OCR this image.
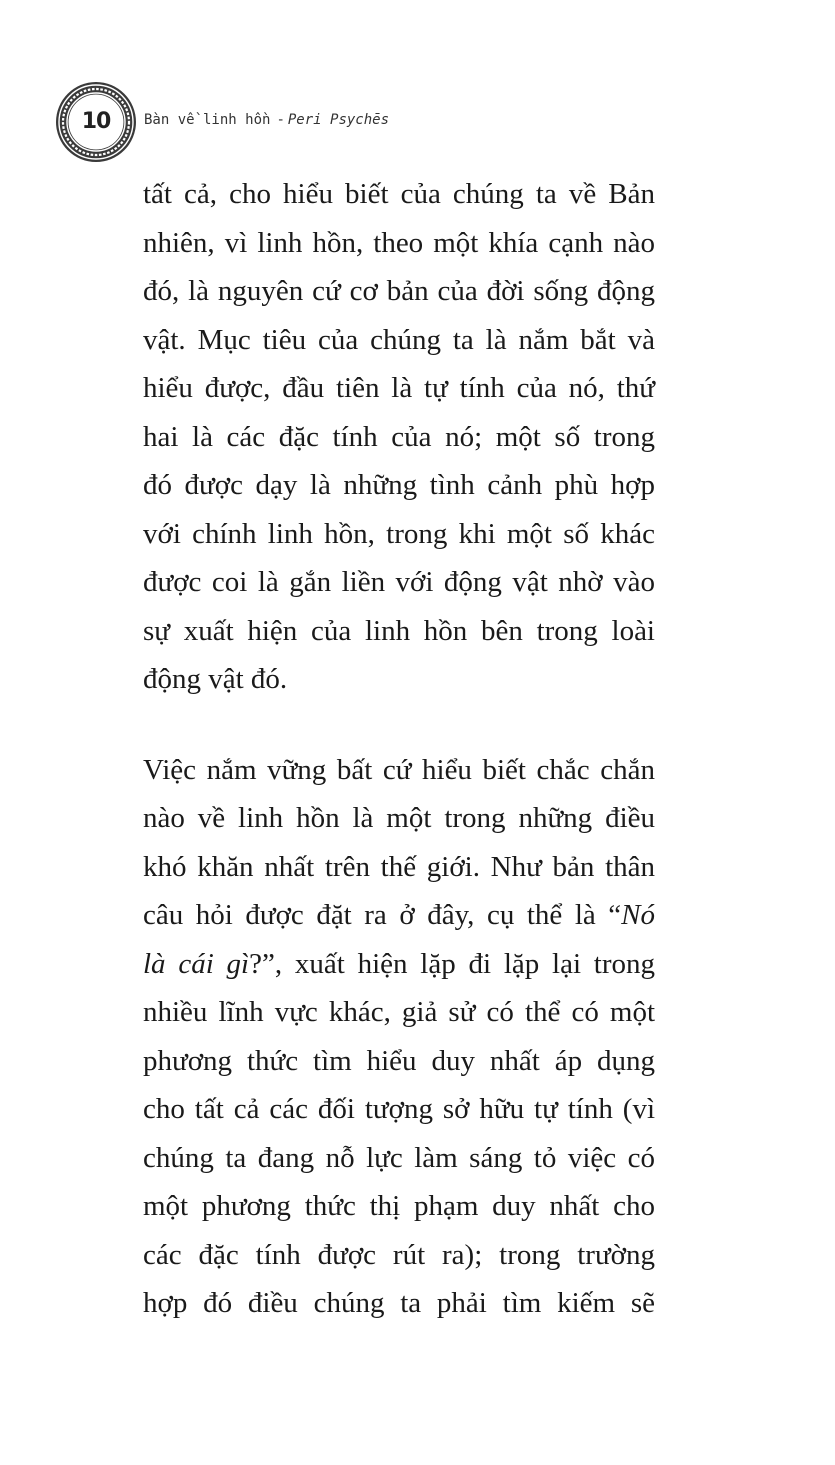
10	Bàn về linh hồn - Peri Psychēs
tất cả, cho hiểu biết của chúng ta về Bản
nhiên, vì linh hồn, theo một khía cạnh nào
đó, là nguyên cứ cơ bản của đời sống động
vật. Mục tiêu của chúng ta là nắm bắt và
hiểu được, đầu tiên là tự tính của nó, thứ
hai là các đặc tính của nó; một số trong
đó được dạy là những tình cảnh phù hợp
với chính linh hồn, trong khi một số khác
được coi là gắn liền với động vật nhờ vào
sự xuất hiện của linh hồn bên trong loài
động vật đó.
Việc nắm vững bất cứ hiểu biết chắc chắn
nào về linh hồn là một trong những điều
khó khăn nhất trên thế giới. Như bản thân
câu hỏi được đặt ra ở đây, cụ thể là “Nó
là cái gì?”, xuất hiện lặp đi lặp lại trong
nhiều lĩnh vực khác, giả sử có thể có một
phương thức tìm hiểu duy nhất áp dụng
cho tất cả các đối tượng sở hữu tự tính (vì
chúng ta đang nỗ lực làm sáng tỏ việc có
một phương thức thị phạm duy nhất cho
các đặc tính được rút ra); trong trường
hợp đó điều chúng ta phải tìm kiếm sẽ
